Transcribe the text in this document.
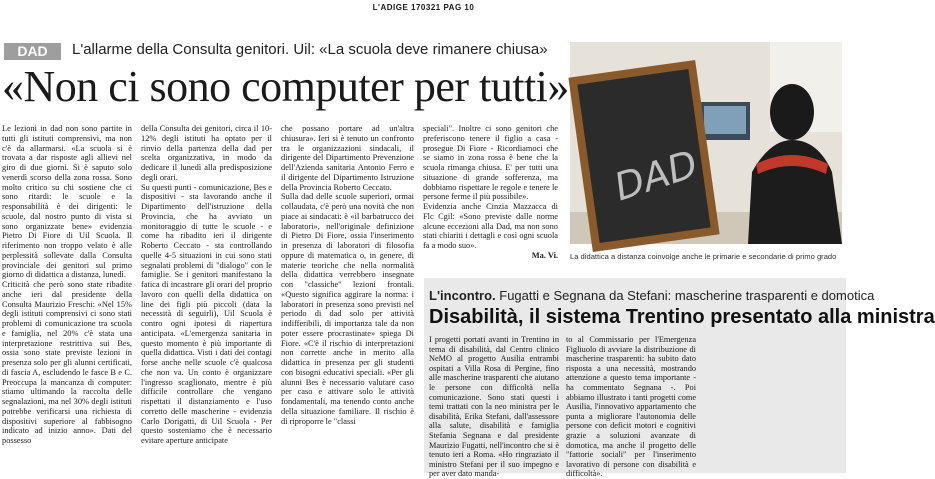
L'ADIGE 170321 PAG 10
DAD	L'allarme della Consulta genitori. Uil: «La scuola deve rimanere chiusa»
«Non ci sono computer per tutti»

Le lezioni in dad non sono partite in tutti gli istituti comprensivi, ma non c'è da allarmarsi. «La scuola si è trovata a dar risposte agli allievi nel giro di due giorni. Si è saputo solo venerdì scorso della zona rossa. Sono molto critico su chi sostiene che ci sono ritardi: le scuole e la responsabilità è dei dirigenti: le scuole, dal nostro punto di vista si sono organizzate bene» evidenzia Pietro Di Fiore di Uil Scuola. Il riferimento non troppo velato è alle perplessità sollevate dalla Consulta provinciale dei genitori sul primo giorno di didattica a distanza, lunedì.

Criticità che però sono state ribadite anche ieri dal presidente della Consulta Maurizio Freschi: «Nel 15% degli istituti comprensivi ci sono stati problemi di comunicazione tra scuola e famiglia, nel 20% c'è stata una interpretazione restrittiva sui Bes, ossia sono state previste lezioni in presenza solo per gli alunni certificati, di fascia A, escludendo le fasce B e C. Preoccupa la mancanza di computer: stiamo ultimando la raccolta delle segnalazioni, ma nel 30% degli istituti potrebbe verificarsi una richiesta di dispositivi superiore al fabbisogno indicato ad inizio anno». Dati del possesso

della Consulta dei genitori, circa il 10-12% degli istituti ha optato per il rinvio della partenza della dad per scelta organizzativa, in modo da dedicare il lunedì alla predisposizione degli orari.

Su questi punti - comunicazione, Bes e dispositivi - sta lavorando anche il Dipartimento dell'istruzione della Provincia, che ha avviato un monitoraggio di tutte le scuole - e come ha ribadito ieri il dirigente Roberto Ceccato - sta controllando quelle 4-5 situazioni in cui sono stati segnalati problemi di "dialogo" con le famiglie. Se i genitori manifestano la fatica di incastrare gli orari del proprio lavoro con quelli della didattica on line dei figli più piccoli (data la necessità di seguirli), Uil Scuola è contro ogni ipotesi di riapertura anticipata. «L'emergenza sanitaria in questo momento è più importante di quella didattica. Visti i dati dei contagi forse anche nelle scuole c'è qualcosa che non va. Un conto è organizzare l'ingresso scaglionato, mentre è più difficile controllare che vengano rispettati il distanziamento e l'uso corretto delle mascherine - evidenzia Carlo Dorigatti, di Uil Scuola - Per questo sosteniamo che è necessario evitare aperture anticipate

che possano portare ad un'altra chiusura». Ieri si è tenuto un confronto tra le organizzazioni sindacali, il dirigente del Dipartimento Prevenzione dell'Azienda sanitaria Antonio Ferro e il dirigente del Dipartimento Istruzione della Provincia Roberto Ceccato.

Sulla dad delle scuole superiori, ormai collaudata, c'è però una novità che non piace ai sindacati: è «il barbatrucco dei laboratori», nell'originale definizione di Pietro Di Fiore, ossia l'inserimento in presenza di laboratori di filosofia oppure di matematica o, in genere, di materie teoriche che nella normalità della didattica verrebbero insegnate con "classiche" lezioni frontali. «Questo significa aggirare la norma: i laboratori in presenza sono previsti nel periodo di dad solo per attività indifferibili, di importanza tale da non poter essere procrastinate» spiega Di Fiore. «C'è il rischio di interpretazioni non corrette anche in merito alla didattica in presenza per gli studenti con bisogni educativi speciali. «Per gli alunni Bes è necessario valutare caso per caso e attivare solo le attività fondamentali, ma tenendo conto anche della situazione familiare. Il rischio è di riproporre le "classi

speciali". Inoltre ci sono genitori che preferiscono tenere il figlio a casa - prosegue Di Fiore - Ricordiamoci che se siamo in zona rossa è bene che la scuola rimanga chiusa. E' per tutti una situazione di grande sofferenza, ma dobbiamo rispettare le regole e tenere le persone ferme il più possibile».

Evidenzia anche Cinzia Mazzacca di Flc Cgil: «Sono previste dalle norme alcune eccezioni alla Dad, ma non sono stati chiariti i dettagli e così ogni scuola fa a modo suo».

Ma. Vi.

DAD
La didattica a distanza coinvolge anche le primarie e secondarie di primo grado
L'incontro. Fugatti e Segnana da Stefani: mascherine trasparenti e domotica
Disabilità, il sistema Trentino presentato alla ministra
I progetti portati avanti in Trentino in tema di disabilità, dal Centro clinico NeMO al progetto Ausilia entrambi ospitati a Villa Rosa di Pergine, fino alle mascherine trasparenti che aiutano le persone con difficoltà nella comunicazione. Sono stati questi i temi trattati con la neo ministra per le disabilità, Erika Stefani, dall'assessore alla salute, disabilità e famiglia Stefania Segnana e dal presidente Maurizio Fugatti, nell'incontro che si è tenuto ieri a Roma. «Ho ringraziato il ministro Stefani per il suo impegno e per aver dato manda-
to al Commissario per l'Emergenza Figliuolo di avviare la distribuzione di mascherine trasparenti: ha subito dato risposta a una necessità, mostrando attenzione a questo tema importante - ha commentato Segnana -. Poi abbiamo illustrato i tanti progetti come Ausilia, l'innovativo appartamento che punta a migliorare l'autonomia delle persone con deficit motori e cognitivi grazie a soluzioni avanzate di domotica, ma anche il progetto delle "fattorie sociali" per l'inserimento lavorativo di persone con disabilità e difficoltà».
